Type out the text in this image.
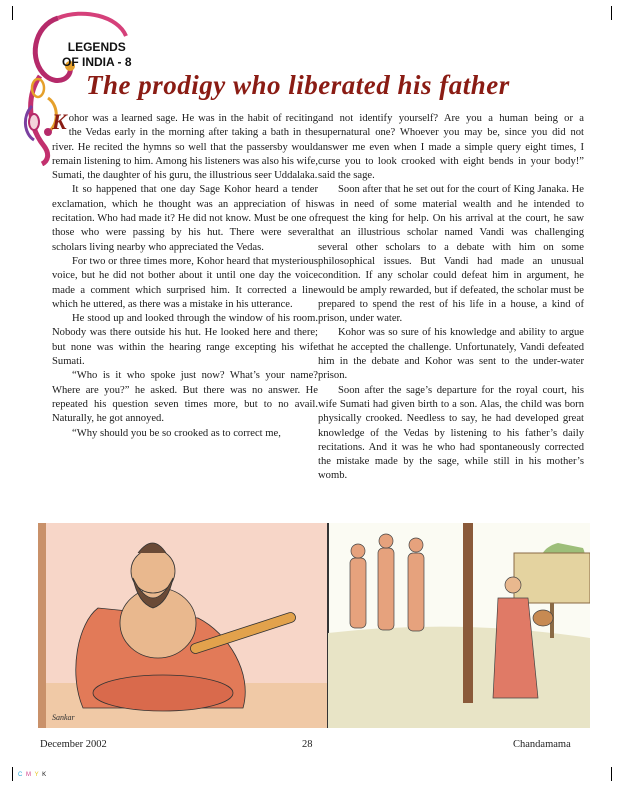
LEGENDS
OF INDIA - 8
The prodigy who liberated his father

Kohor was a learned sage. He was in the habit of reciting the Vedas early in the morning after taking a bath in the river. He recited the hymns so well that the passersby would remain listening to him. Among his listeners was also his wife, Sumati, the daughter of his guru, the illustrious seer Uddalaka.

It so happened that one day Sage Kohor heard a tender exclamation, which he thought was an appreciation of his recitation. Who had made it? He did not know. Must be one of those who were passing by his hut. There were several scholars living nearby who appreciated the Vedas.

For two or three times more, Kohor heard that mysterious voice, but he did not bother about it until one day the voice made a comment which surprised him. It corrected a line which he uttered, as there was a mistake in his utterance.

He stood up and looked through the window of his room. Nobody was there outside his hut. He looked here and there; but none was within the hearing range excepting his wife Sumati.

“Who is it who spoke just now? What’s your name? Where are you?” he asked. But there was no answer. He repeated his question seven times more, but to no avail. Naturally, he got annoyed.

“Why should you be so crooked as to correct me,

and not identify yourself? Are you a human being or a supernatural one? Whoever you may be, since you did not answer me even when I made a simple query eight times, I curse you to look crooked with eight bends in your body!” said the sage.

Soon after that he set out for the court of King Janaka. He was in need of some material wealth and he intended to request the king for help. On his arrival at the court, he saw that an illustrious scholar named Vandi was challenging several other scholars to a debate with him on some philosophical issues. But Vandi had made an unusual condition. If any scholar could defeat him in argument, he would be amply rewarded, but if defeated, the scholar must be prepared to spend the rest of his life in a house, a kind of prison, under water.

Kohor was so sure of his knowledge and ability to argue that he accepted the challenge. Unfortunately, Vandi defeated him in the debate and Kohor was sent to the under-water prison.

Soon after the sage’s departure for the royal court, his wife Sumati had given birth to a son. Alas, the child was born physically crooked. Needless to say, he had developed great knowledge of the Vedas by listening to his father’s daily recitations. And it was he who had spontaneously corrected the mistake made by the sage, while still in his mother’s womb.

Sankar
December 2002	28	Chandamama
C M Y K
